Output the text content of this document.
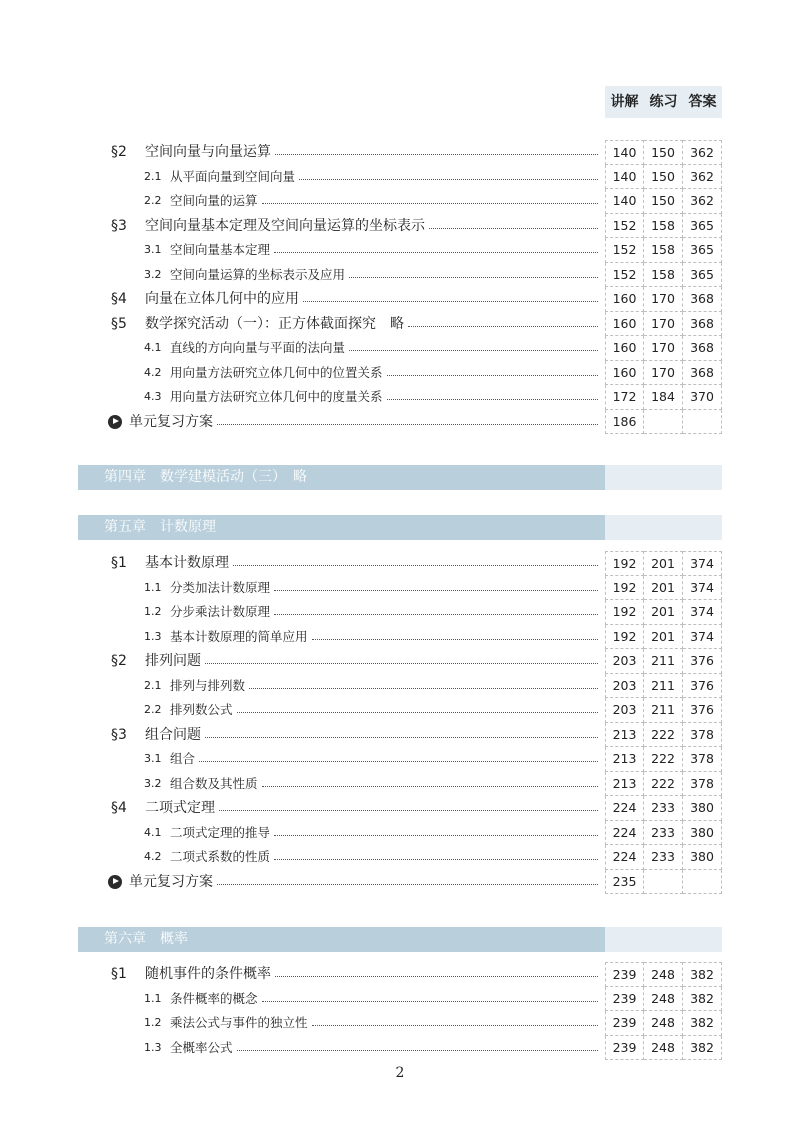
讲解 练习 答案
§2	空间向量与向量运算	140	150	362
2.1 从平面向量到空间向量	140	150	362
2.2 空间向量的运算	140	150	362
§3	空间向量基本定理及空间向量运算的坐标表示	152	158	365
3.1 空间向量基本定理	152	158	365
3.2 空间向量运算的坐标表示及应用	152	158	365
§4	向量在立体几何中的应用	160	170	368
§5	数学探究活动（一）：正方体截面探究　略	160	170	368
4.1 直线的方向向量与平面的法向量	160	170	368
4.2 用向量方法研究立体几何中的位置关系	160	170	368
4.3 用向量方法研究立体几何中的度量关系	172	184	370
单元复习方案	186
第四章　数学建模活动（三）　略
第五章　计数原理
§1	基本计数原理	192	201	374
1.1 分类加法计数原理	192	201	374
1.2 分步乘法计数原理	192	201	374
1.3 基本计数原理的简单应用	192	201	374
§2	排列问题	203	211	376
2.1 排列与排列数	203	211	376
2.2 排列数公式	203	211	376
§3	组合问题	213	222	378
3.1 组合	213	222	378
3.2 组合数及其性质	213	222	378
§4	二项式定理	224	233	380
4.1 二项式定理的推导	224	233	380
4.2 二项式系数的性质	224	233	380
单元复习方案	235
第六章　概率
§1	随机事件的条件概率	239	248	382
1.1 条件概率的概念	239	248	382
1.2 乘法公式与事件的独立性	239	248	382
1.3 全概率公式	239	248	382
2
